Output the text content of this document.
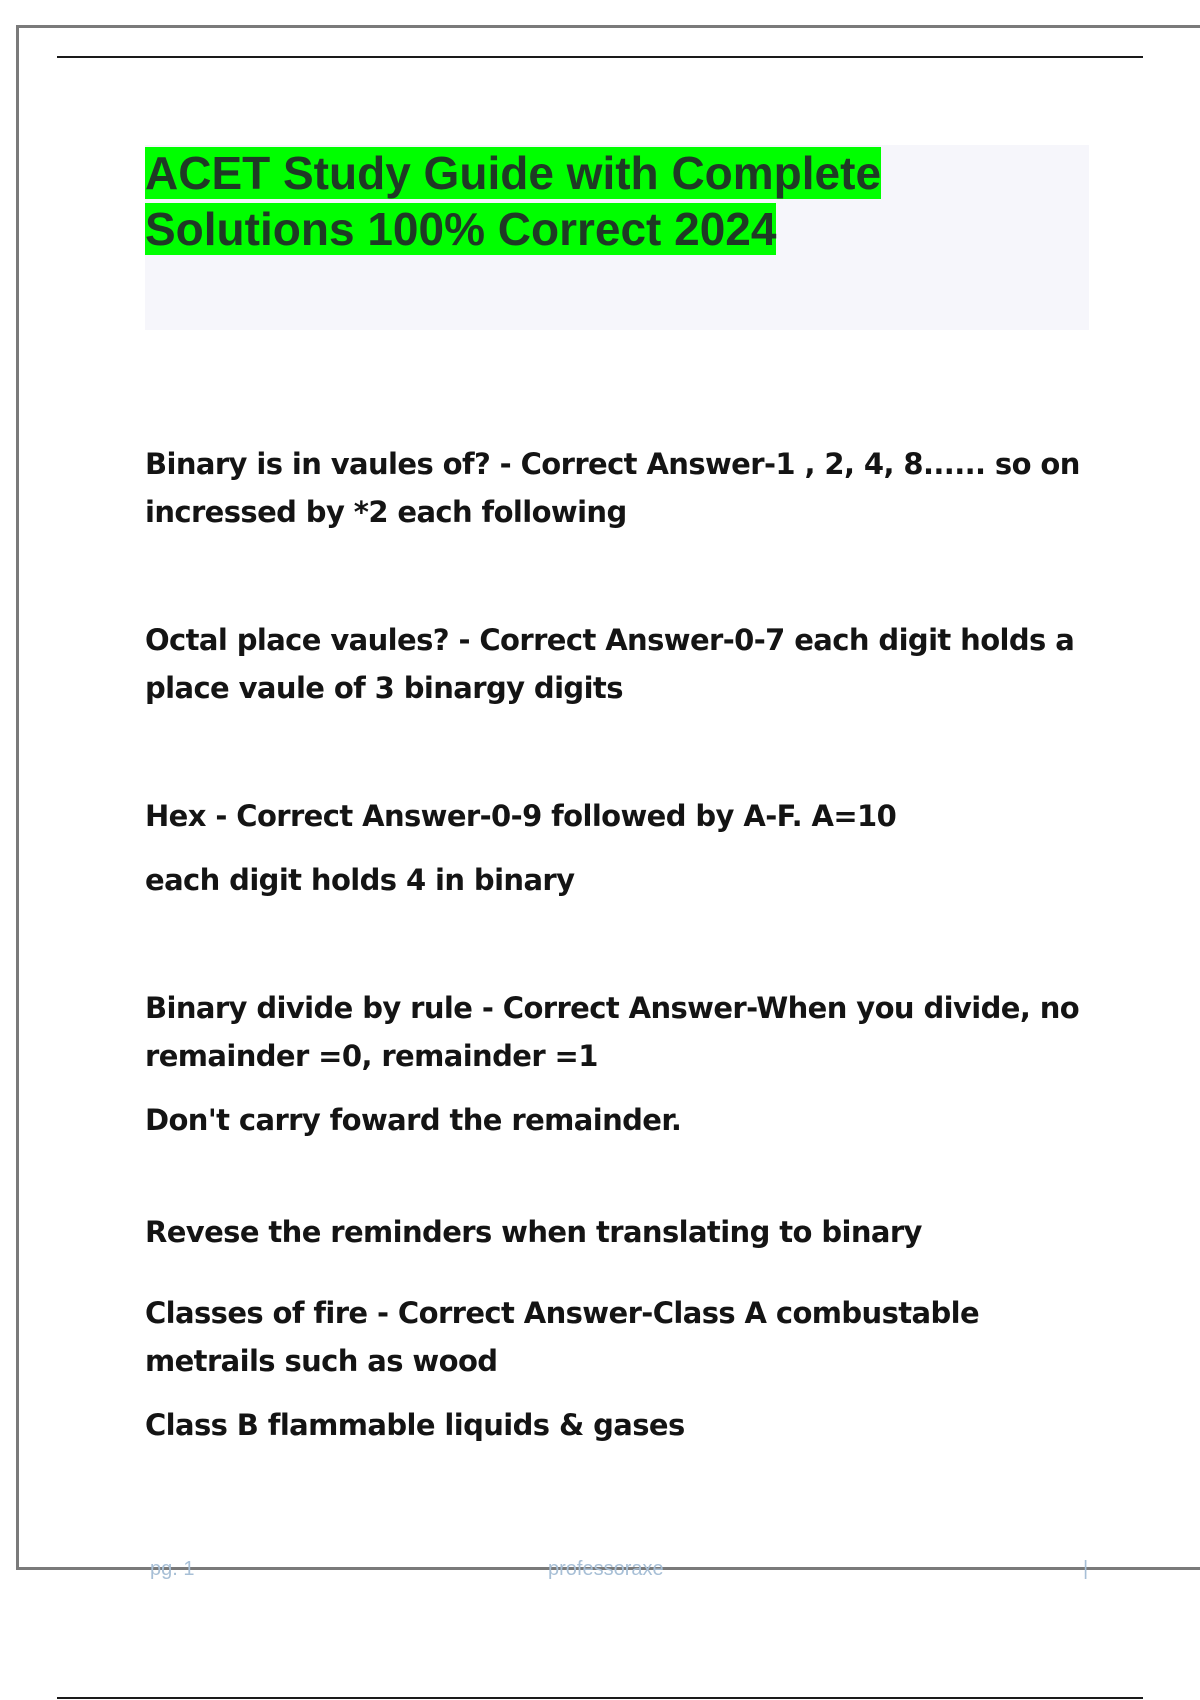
ACET Study Guide with Complete
Solutions 100% Correct 2024

Binary is in vaules of? - Correct Answer-1 , 2, 4, 8...... so on incressed by *2 each following

Octal place vaules? - Correct Answer-0-7 each digit holds a place vaule of 3 binargy digits

Hex - Correct Answer-0-9 followed by A-F. A=10

each digit holds 4 in binary

Binary divide by rule - Correct Answer-When you divide, no remainder =0, remainder =1

Don't carry foward the remainder.

Revese the reminders when translating to binary

Classes of fire - Correct Answer-Class A combustable metrails such as wood

Class B flammable liquids & gases

pg. 1	professoraxe	|
